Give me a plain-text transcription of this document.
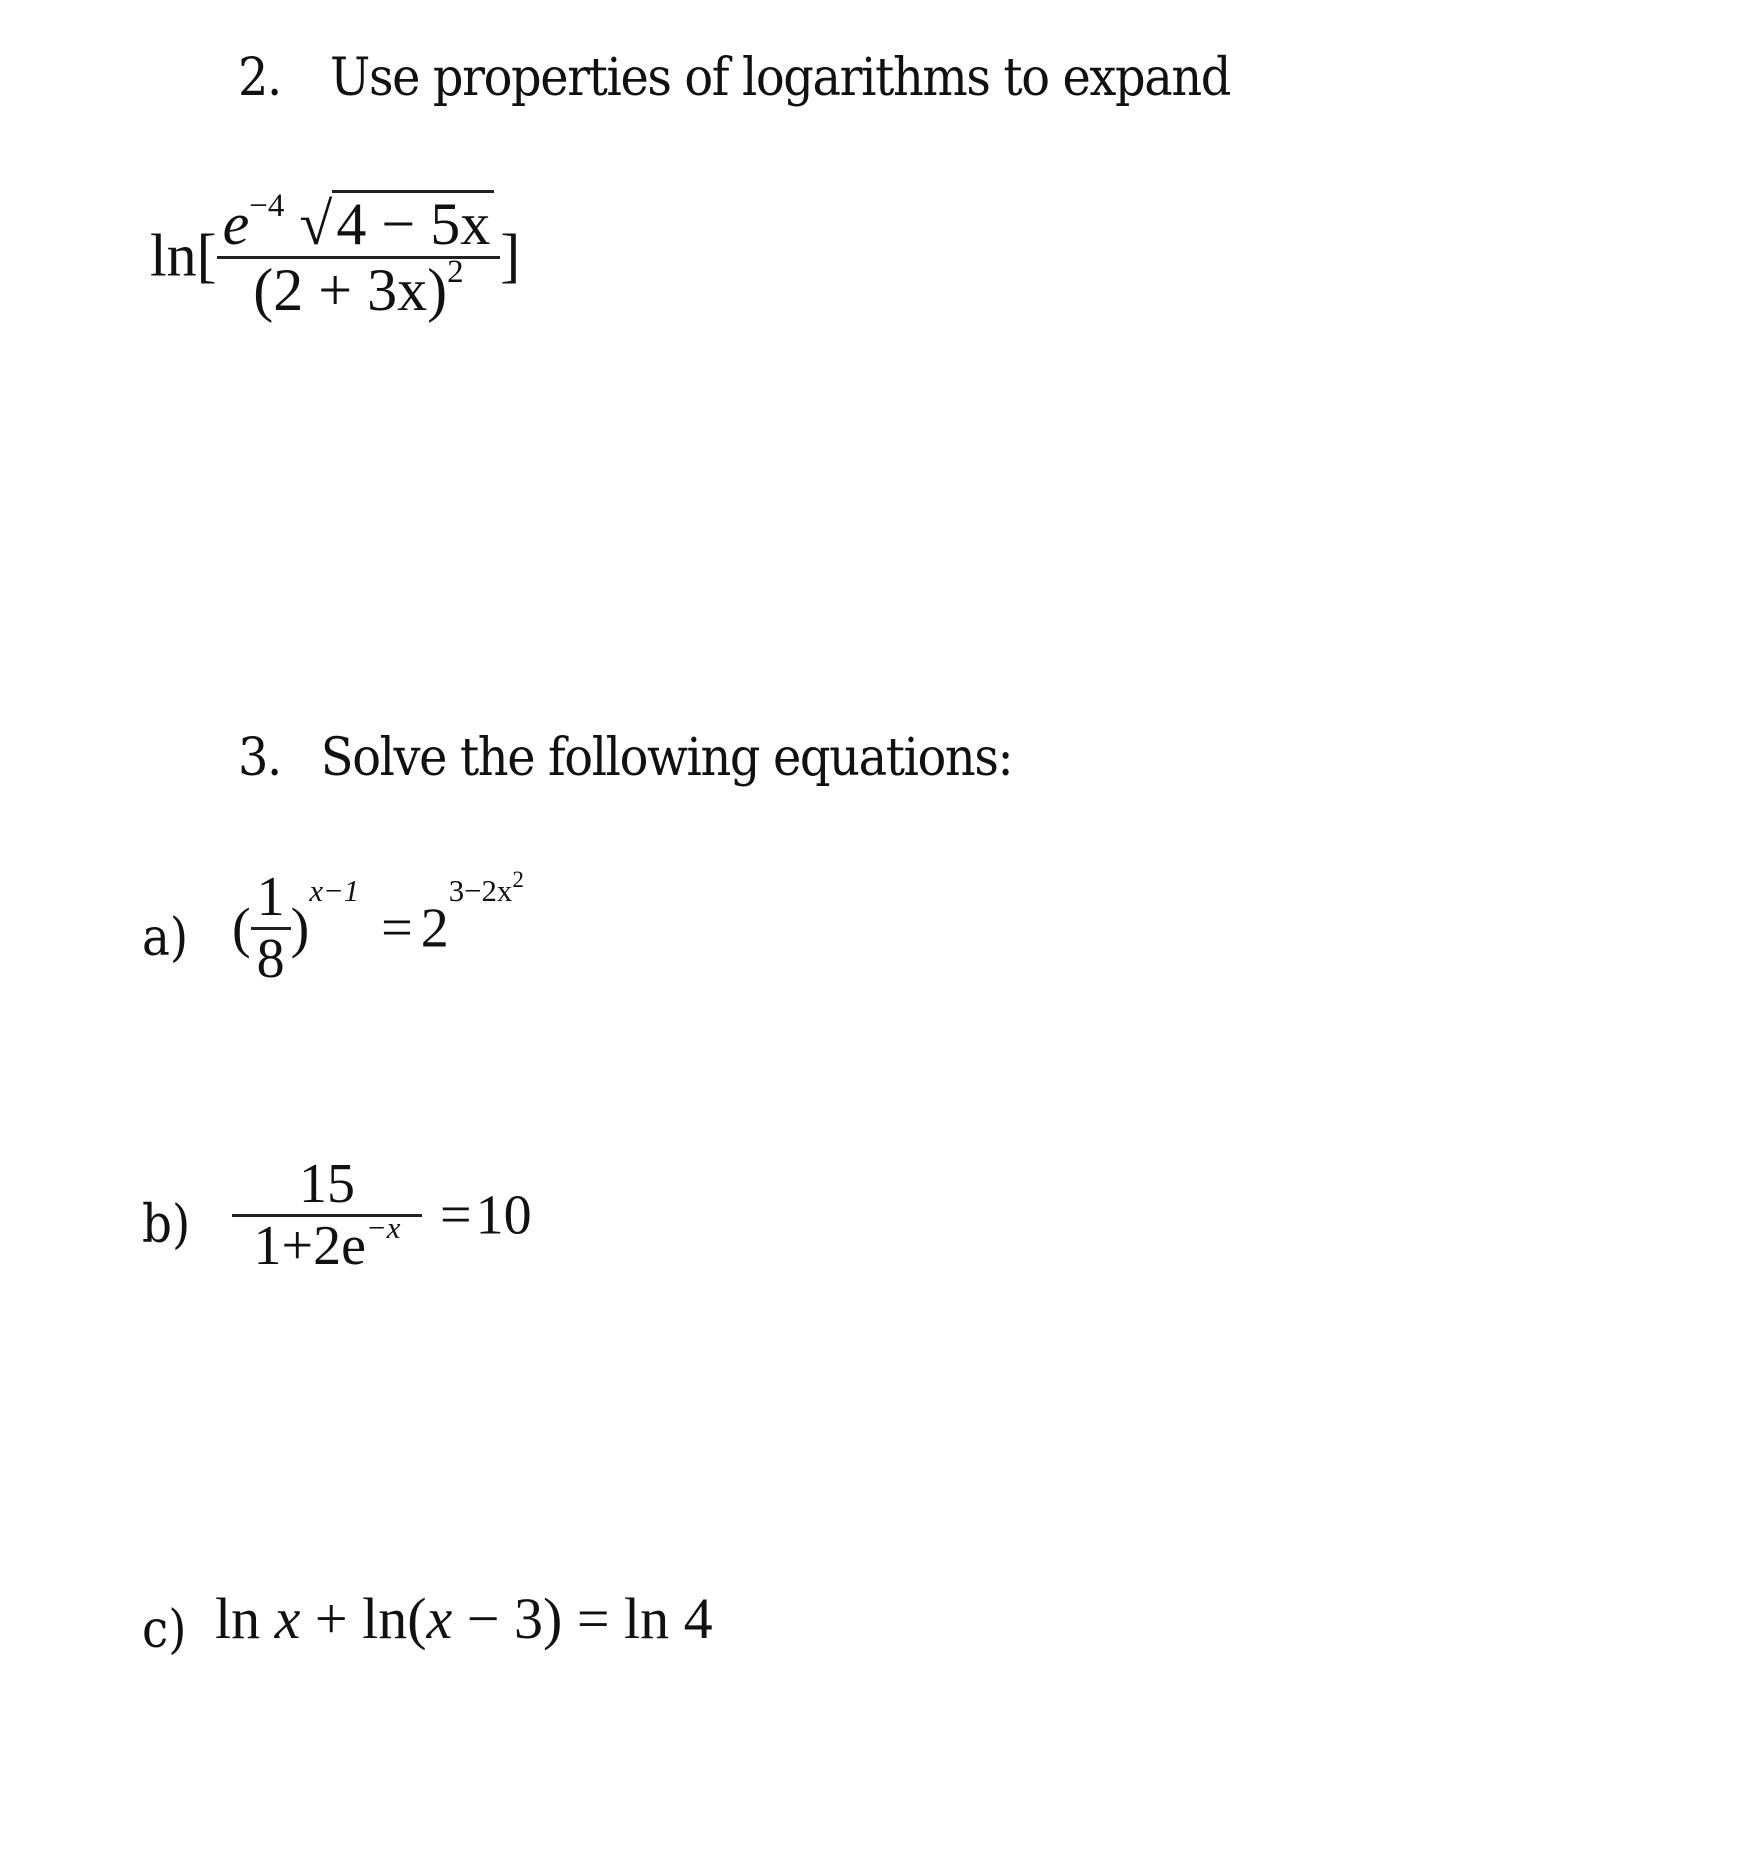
2. Use properties of logarithms to expand
$\ln[ \frac{e^{-4} √4 - 5x}{(2 + 3x)^2}$ ]
3. Solve the following equations:
a) ( $\frac{1}{8} )^{x-1} = 2^{3-2x^2}$
$b) \frac{15}{1+2e^{-x}} =10$
c) ln x + ln(x − 3) = ln 4
